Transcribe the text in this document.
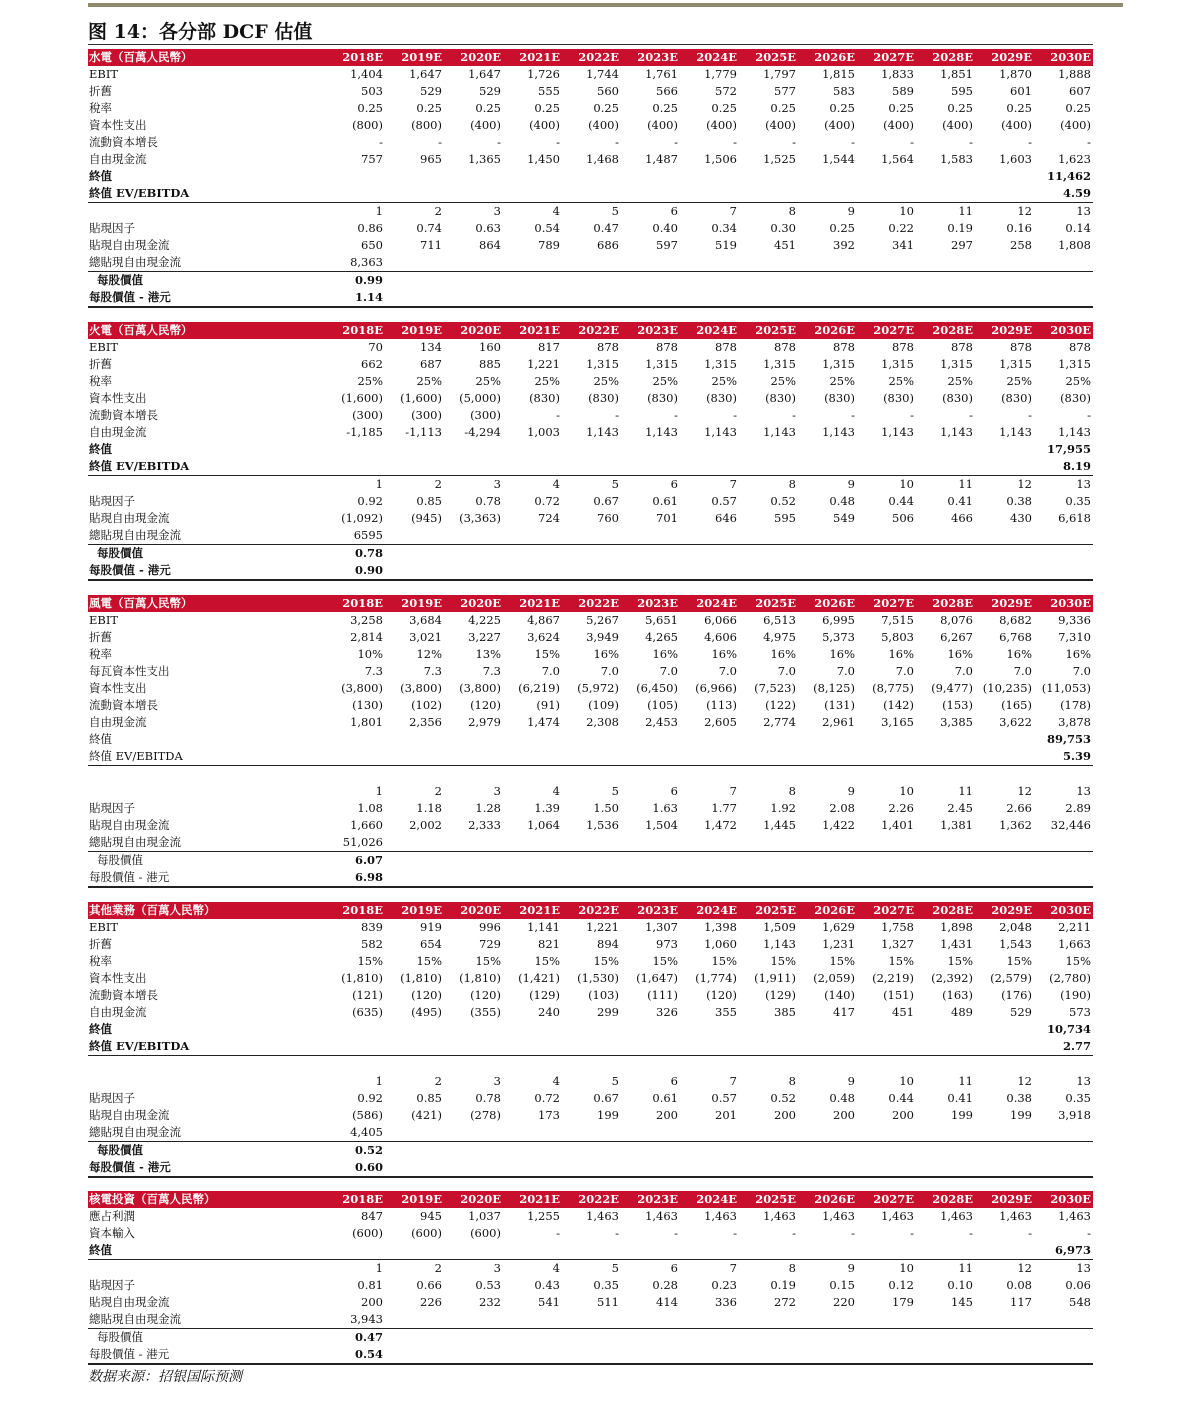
图 14：各分部 DCF 估值
水電（百萬人民幣）	2018E	2019E	2020E	2021E	2022E	2023E	2024E	2025E	2026E	2027E	2028E	2029E	2030E
EBIT	1,404	1,647	1,647	1,726	1,744	1,761	1,779	1,797	1,815	1,833	1,851	1,870	1,888
折舊	503	529	529	555	560	566	572	577	583	589	595	601	607
稅率	0.25	0.25	0.25	0.25	0.25	0.25	0.25	0.25	0.25	0.25	0.25	0.25	0.25
資本性支出	(800)	(800)	(400)	(400)	(400)	(400)	(400)	(400)	(400)	(400)	(400)	(400)	(400)
流動資本增長	-	-	-	-	-	-	-	-	-	-	-	-	-
自由現金流	757	965	1,365	1,450	1,468	1,487	1,506	1,525	1,544	1,564	1,583	1,603	1,623
終值													11,462
終值 EV/EBITDA													4.59
	1	2	3	4	5	6	7	8	9	10	11	12	13
貼現因子	0.86	0.74	0.63	0.54	0.47	0.40	0.34	0.30	0.25	0.22	0.19	0.16	0.14
貼現自由現金流	650	711	864	789	686	597	519	451	392	341	297	258	1,808
總貼現自由現金流	8,363												
每股價值	0.99												
每股價值 - 港元	1.14												
火電（百萬人民幣）	2018E	2019E	2020E	2021E	2022E	2023E	2024E	2025E	2026E	2027E	2028E	2029E	2030E
EBIT	70	134	160	817	878	878	878	878	878	878	878	878	878
折舊	662	687	885	1,221	1,315	1,315	1,315	1,315	1,315	1,315	1,315	1,315	1,315
稅率	25%	25%	25%	25%	25%	25%	25%	25%	25%	25%	25%	25%	25%
資本性支出	(1,600)	(1,600)	(5,000)	(830)	(830)	(830)	(830)	(830)	(830)	(830)	(830)	(830)	(830)
流動資本增長	(300)	(300)	(300)	-	-	-	-	-	-	-	-	-	-
自由現金流	-1,185	-1,113	-4,294	1,003	1,143	1,143	1,143	1,143	1,143	1,143	1,143	1,143	1,143
終值													17,955
終值 EV/EBITDA													8.19
	1	2	3	4	5	6	7	8	9	10	11	12	13
貼現因子	0.92	0.85	0.78	0.72	0.67	0.61	0.57	0.52	0.48	0.44	0.41	0.38	0.35
貼現自由現金流	(1,092)	(945)	(3,363)	724	760	701	646	595	549	506	466	430	6,618
總貼現自由現金流	6595												
每股價值	0.78												
每股價值 - 港元	0.90												
風電（百萬人民幣）	2018E	2019E	2020E	2021E	2022E	2023E	2024E	2025E	2026E	2027E	2028E	2029E	2030E
EBIT	3,258	3,684	4,225	4,867	5,267	5,651	6,066	6,513	6,995	7,515	8,076	8,682	9,336
折舊	2,814	3,021	3,227	3,624	3,949	4,265	4,606	4,975	5,373	5,803	6,267	6,768	7,310
稅率	10%	12%	13%	15%	16%	16%	16%	16%	16%	16%	16%	16%	16%
每瓦資本性支出	7.3	7.3	7.3	7.0	7.0	7.0	7.0	7.0	7.0	7.0	7.0	7.0	7.0
資本性支出	(3,800)	(3,800)	(3,800)	(6,219)	(5,972)	(6,450)	(6,966)	(7,523)	(8,125)	(8,775)	(9,477)	(10,235)	(11,053)
流動資本增長	(130)	(102)	(120)	(91)	(109)	(105)	(113)	(122)	(131)	(142)	(153)	(165)	(178)
自由現金流	1,801	2,356	2,979	1,474	2,308	2,453	2,605	2,774	2,961	3,165	3,385	3,622	3,878
終值													89,753
終值 EV/EBITDA													5.39

	1	2	3	4	5	6	7	8	9	10	11	12	13
貼現因子	1.08	1.18	1.28	1.39	1.50	1.63	1.77	1.92	2.08	2.26	2.45	2.66	2.89
貼現自由現金流	1,660	2,002	2,333	1,064	1,536	1,504	1,472	1,445	1,422	1,401	1,381	1,362	32,446
總貼現自由現金流	51,026												
每股價值	6.07												
每股價值 - 港元	6.98												
其他業務（百萬人民幣）	2018E	2019E	2020E	2021E	2022E	2023E	2024E	2025E	2026E	2027E	2028E	2029E	2030E
EBIT	839	919	996	1,141	1,221	1,307	1,398	1,509	1,629	1,758	1,898	2,048	2,211
折舊	582	654	729	821	894	973	1,060	1,143	1,231	1,327	1,431	1,543	1,663
稅率	15%	15%	15%	15%	15%	15%	15%	15%	15%	15%	15%	15%	15%
資本性支出	(1,810)	(1,810)	(1,810)	(1,421)	(1,530)	(1,647)	(1,774)	(1,911)	(2,059)	(2,219)	(2,392)	(2,579)	(2,780)
流動資本增長	(121)	(120)	(120)	(129)	(103)	(111)	(120)	(129)	(140)	(151)	(163)	(176)	(190)
自由現金流	(635)	(495)	(355)	240	299	326	355	385	417	451	489	529	573
終值													10,734
終值 EV/EBITDA													2.77

	1	2	3	4	5	6	7	8	9	10	11	12	13
貼現因子	0.92	0.85	0.78	0.72	0.67	0.61	0.57	0.52	0.48	0.44	0.41	0.38	0.35
貼現自由現金流	(586)	(421)	(278)	173	199	200	201	200	200	200	199	199	3,918
總貼現自由現金流	4,405												
每股價值	0.52												
每股價值 - 港元	0.60												
核電投資（百萬人民幣）	2018E	2019E	2020E	2021E	2022E	2023E	2024E	2025E	2026E	2027E	2028E	2029E	2030E
應占利潤	847	945	1,037	1,255	1,463	1,463	1,463	1,463	1,463	1,463	1,463	1,463	1,463
資本輸入	(600)	(600)	(600)	-	-	-	-	-	-	-	-	-	-
終值													6,973
	1	2	3	4	5	6	7	8	9	10	11	12	13
貼現因子	0.81	0.66	0.53	0.43	0.35	0.28	0.23	0.19	0.15	0.12	0.10	0.08	0.06
貼現自由現金流	200	226	232	541	511	414	336	272	220	179	145	117	548
總貼現自由現金流	3,943												
每股價值	0.47												
每股價值 - 港元	0.54												
数据来源：招银国际预测
